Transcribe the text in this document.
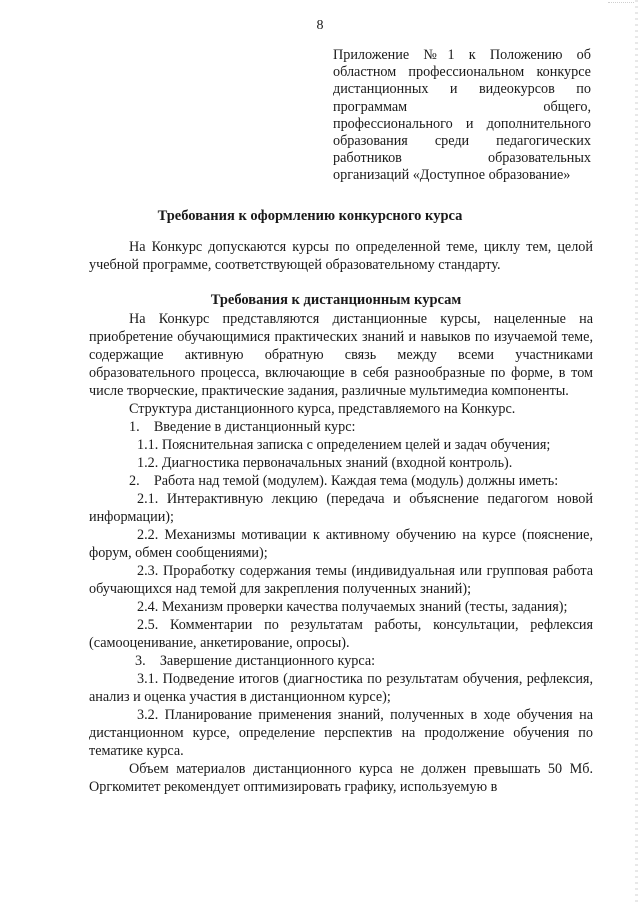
8
Приложение №1 к Положению об
областном профессиональном конкурсе
дистанционных и видеокурсов по
программам общего,
профессионального и дополнительного
образования среди педагогических
работников образовательных
организаций «Доступное образование»
Требования к оформлению конкурсного курса

На Конкурс допускаются курсы по определенной теме, циклу тем, целой учебной программе, соответствующей образовательному стандарту.

Требования к дистанционным курсам

На Конкурс представляются дистанционные курсы, нацеленные на приобретение обучающимися практических знаний и навыков по изучаемой теме, содержащие активную обратную связь между всеми участниками образовательного процесса, включающие в себя разнообразные по форме, в том числе творческие, практические задания, различные мультимедиа компоненты.

Структура дистанционного курса, представляемого на Конкурс.

1.    Введение в дистанционный курс:

1.1. Пояснительная записка с определением целей и задач обучения;

1.2. Диагностика первоначальных знаний (входной контроль).

2.    Работа над темой (модулем). Каждая тема (модуль) должны иметь:

2.1. Интерактивную лекцию (передача и объяснение педагогом новой информации);

2.2. Механизмы мотивации к активному обучению на курсе (пояснение, форум, обмен сообщениями);

2.3. Проработку содержания темы (индивидуальная или групповая работа обучающихся над темой для закрепления полученных знаний);

2.4. Механизм проверки качества получаемых знаний (тесты, задания);

2.5. Комментарии по результатам работы, консультации, рефлексия (самооценивание, анкетирование, опросы).

3.    Завершение дистанционного курса:

3.1. Подведение итогов (диагностика по результатам обучения, рефлексия, анализ и оценка участия в дистанционном курсе);

3.2. Планирование применения знаний, полученных в ходе обучения на дистанционном курсе, определение перспектив на продолжение обучения по тематике курса.

Объем материалов дистанционного курса не должен превышать 50 Мб. Оргкомитет рекомендует оптимизировать графику, используемую в
